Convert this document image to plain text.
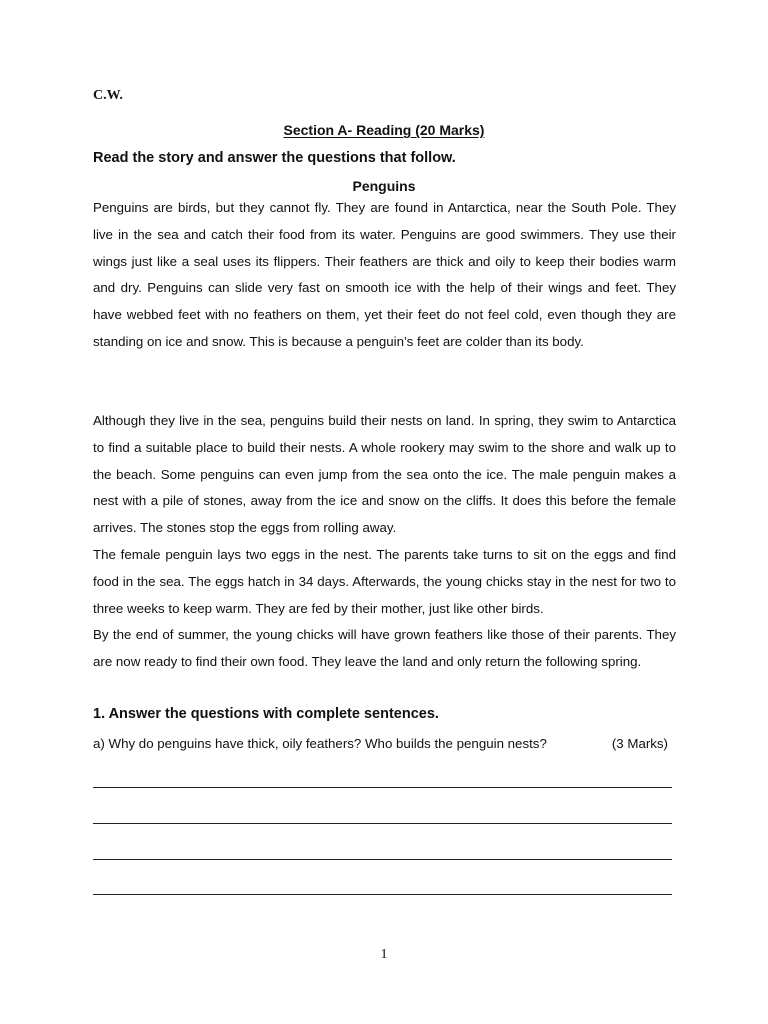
C.W.
Section A- Reading (20 Marks)
Read the story and answer the questions that follow.
Penguins

Penguins are birds, but they cannot fly. They are found in Antarctica, near the South Pole. They live in the sea and catch their food from its water. Penguins are good swimmers. They use their wings just like a seal uses its flippers. Their feathers are thick and oily to keep their bodies warm and dry. Penguins can slide very fast on smooth ice with the help of their wings and feet. They have webbed feet with no feathers on them, yet their feet do not feel cold, even though they are standing on ice and snow. This is because a penguin’s feet are colder than its body.

Although they live in the sea, penguins build their nests on land. In spring, they swim to Antarctica to find a suitable place to build their nests. A whole rookery may swim to the shore and walk up to the beach. Some penguins can even jump from the sea onto the ice. The male penguin makes a nest with a pile of stones, away from the ice and snow on the cliffs. It does this before the female arrives. The stones stop the eggs from rolling away.

The female penguin lays two eggs in the nest. The parents take turns to sit on the eggs and find food in the sea. The eggs hatch in 34 days. Afterwards, the young chicks stay in the nest for two to three weeks to keep warm. They are fed by their mother, just like other birds.

By the end of summer, the young chicks will have grown feathers like those of their parents. They are now ready to find their own food. They leave the land and only return the following spring.

1. Answer the questions with complete sentences.
a) Why do penguins have thick, oily feathers? Who builds the penguin nests?	(3 Marks)
1
